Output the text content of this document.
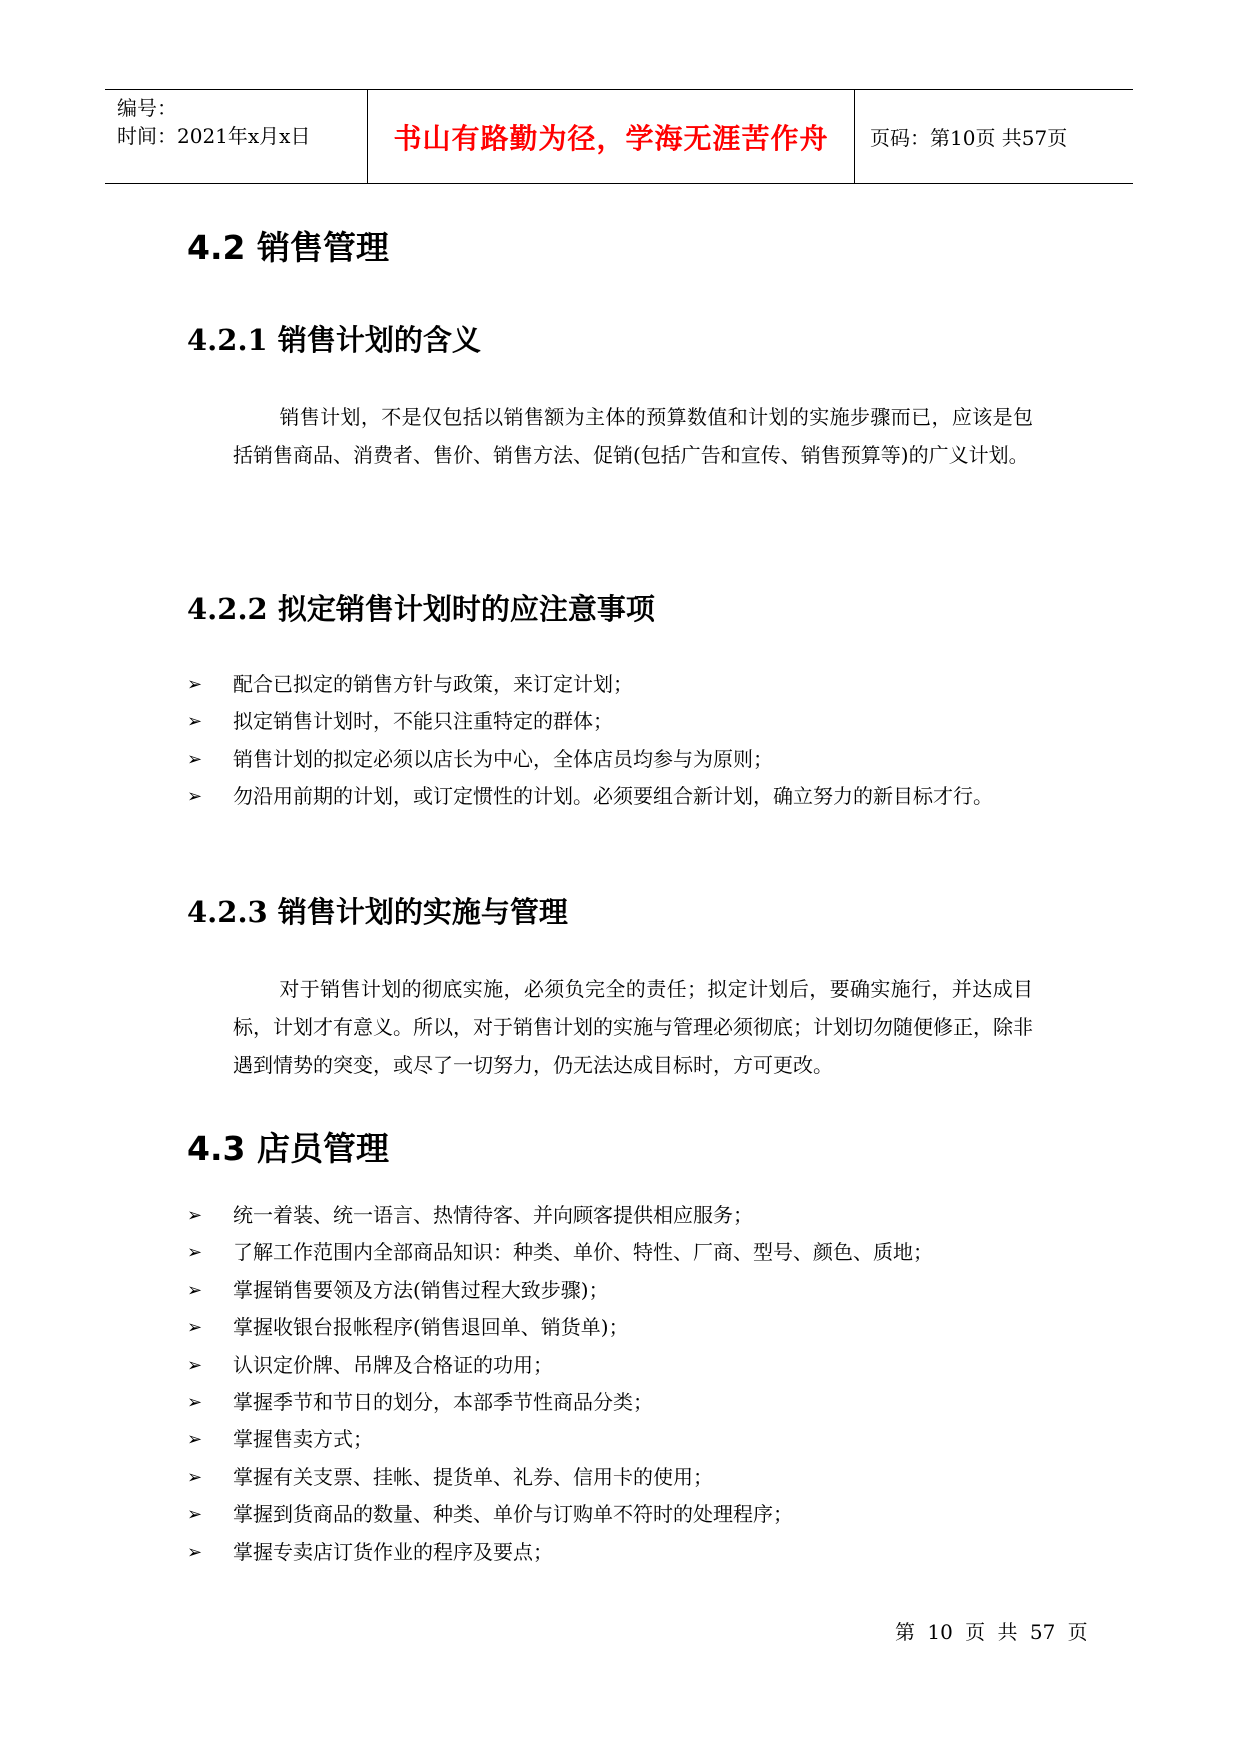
编号：
时间：2021年x月x日	书山有路勤为径，学海无涯苦作舟 页码：第10页 共57页
4.2 销售管理
4.2.1 销售计划的含义
销售计划，不是仅包括以销售额为主体的预算数值和计划的实施步骤而已，应该是包括销售商品、消费者、售价、销售方法、促销(包括广告和宣传、销售预算等)的广义计划。
4.2.2 拟定销售计划时的应注意事项
➢ 配合已拟定的销售方针与政策，来订定计划；
➢ 拟定销售计划时，不能只注重特定的群体；
➢ 销售计划的拟定必须以店长为中心，全体店员均参与为原则；
➢ 勿沿用前期的计划，或订定惯性的计划。必须要组合新计划，确立努力的新目标才行。
4.2.3 销售计划的实施与管理
对于销售计划的彻底实施，必须负完全的责任；拟定计划后，要确实施行，并达成目标，计划才有意义。所以，对于销售计划的实施与管理必须彻底；计划切勿随便修正，除非遇到情势的突变，或尽了一切努力，仍无法达成目标时，方可更改。
4.3 店员管理
➢ 统一着装、统一语言、热情待客、并向顾客提供相应服务；
➢ 了解工作范围内全部商品知识：种类、单价、特性、厂商、型号、颜色、质地；
➢ 掌握销售要领及方法(销售过程大致步骤)；
➢ 掌握收银台报帐程序(销售退回单、销货单)；
➢ 认识定价牌、吊牌及合格证的功用；
➢ 掌握季节和节日的划分，本部季节性商品分类；
➢ 掌握售卖方式；
➢ 掌握有关支票、挂帐、提货单、礼券、信用卡的使用；
➢ 掌握到货商品的数量、种类、单价与订购单不符时的处理程序；
➢ 掌握专卖店订货作业的程序及要点；
第 10 页 共 57 页
